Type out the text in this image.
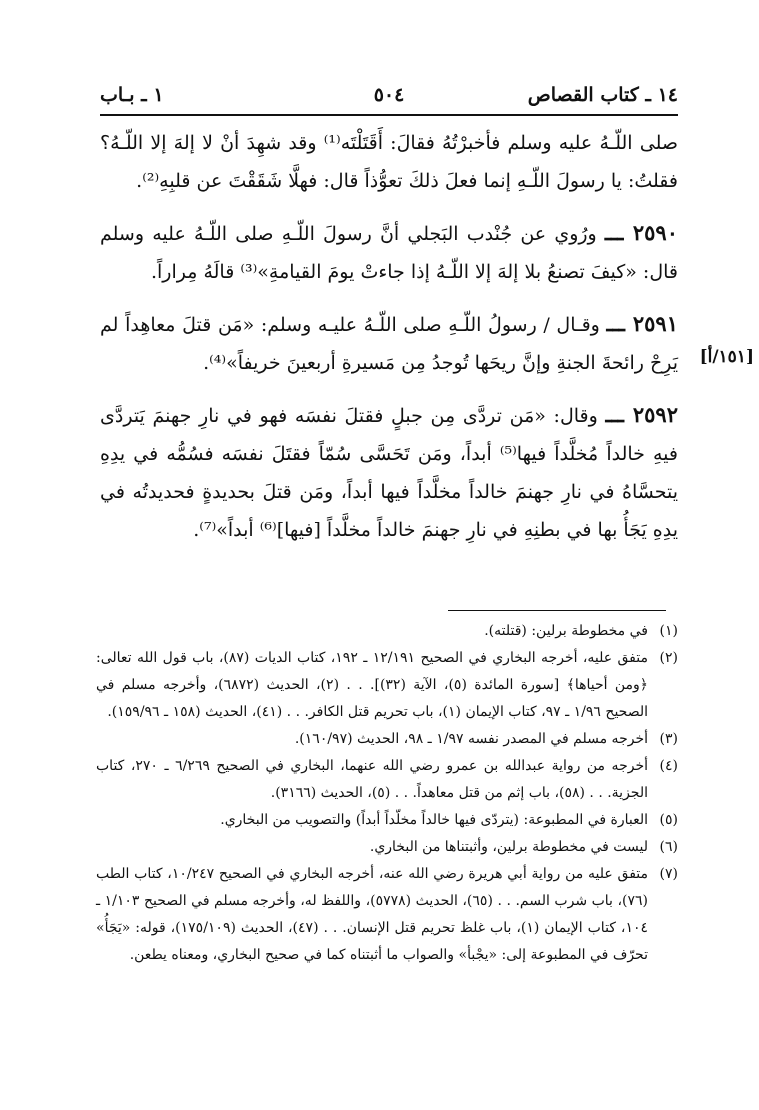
١٤ ـ كتاب القصاص
٥٠٤
١ ـ بـاب

صلى اللّـهُ عليه وسلم فأخبرْتُهُ فقالَ: أَقَتَلْتَه⁽¹⁾ وقد شهِدَ أنْ لا إلهَ إلا اللّـهُ؟ فقلتُ: يا رسولَ اللّـهِ إنما فعلَ ذلكَ تعوُّذاً قال: فهلَّا شَقَقْتَ عن قلبِهِ⁽²⁾.

٢٥٩٠ ـــ ورُوي عن جُنْدب البَجلي أنَّ رسولَ اللّـهِ صلى اللّـهُ عليه وسلم قال: «كيفَ تصنعُ بلا إلهَ إلا اللّـهُ إذا جاءتْ يومَ القيامةِ»⁽³⁾ قالَهُ مِراراً.

٢٥٩١ ـــ وقـال / رسولُ اللّـهِ صلى اللّـهُ عليـه وسلم: «مَن قتلَ معاهِداً لم يَرِحْ رائحةَ الجنةِ وإنَّ ريحَها تُوجدُ مِن مَسيرةِ أربعينَ خريفاً»⁽⁴⁾.

٢٥٩٢ ـــ وقال: «مَن تردَّى مِن جبلٍ فقتلَ نفسَه فهو في نارِ جهنمَ يَتردَّى فيهِ خالداً مُخلَّداً فيها⁽⁵⁾ أبداً، ومَن تَحَسَّى سُمّاً فقتَلَ نفسَه فسُمُّه في يدِهِ يتحسَّاهُ في نارِ جهنمَ خالداً مخلَّداً فيها أبداً، ومَن قتلَ بحديدةٍ فحديدتُه في يدِهِ يَجَأُ بها في بطنِهِ في نارِ جهنمَ خالداً مخلَّداً [فيها]⁽⁶⁾ أبداً»⁽⁷⁾.

[١٥١/أ]
(١)
في مخطوطة برلين: (قتلته).
(٢)
متفق عليه، أخرجه البخاري في الصحيح ١٢/١٩١ ـ ١٩٢، كتاب الديات (٨٧)، باب قول الله تعالى: ﴿ومن أحياها﴾ [سورة المائدة (٥)، الآية (٣٢)]. . . (٢)، الحديث (٦٨٧٢)، وأخرجه مسلم في الصحيح ١/٩٦ ـ ٩٧، كتاب الإيمان (١)، باب تحريم قتل الكافر. . . (٤١)، الحديث (١٥٨ ـ ١٥٩/٩٦).
(٣)
أخرجه مسلم في المصدر نفسه ١/٩٧ ـ ٩٨، الحديث (١٦٠/٩٧).
(٤)
أخرجه من رواية عبدالله بن عمرو رضي الله عنهما، البخاري في الصحيح ٦/٢٦٩ ـ ٢٧٠، كتاب الجزية. . . (٥٨)، باب إثم من قتل معاهداً. . . (٥)، الحديث (٣١٦٦).
(٥)
العبارة في المطبوعة: (يتردّى فيها خالداً مخلّداً أبداً) والتصويب من البخاري.
(٦)
ليست في مخطوطة برلين، وأثبتناها من البخاري.
(٧)
متفق عليه من رواية أبي هريرة رضي الله عنه، أخرجه البخاري في الصحيح ١٠/٢٤٧، كتاب الطب (٧٦)، باب شرب السم. . . (٦٥)، الحديث (٥٧٧٨)، واللفظ له، وأخرجه مسلم في الصحيح ١/١٠٣ ـ ١٠٤، كتاب الإيمان (١)، باب غلظ تحريم قتل الإنسان. . . (٤٧)، الحديث (١٧٥/١٠٩)، قوله: «يَجَأُ» تحرّف في المطبوعة إلى: «يجْبأ» والصواب ما أثبتناه كما في صحيح البخاري، ومعناه يطعن.
